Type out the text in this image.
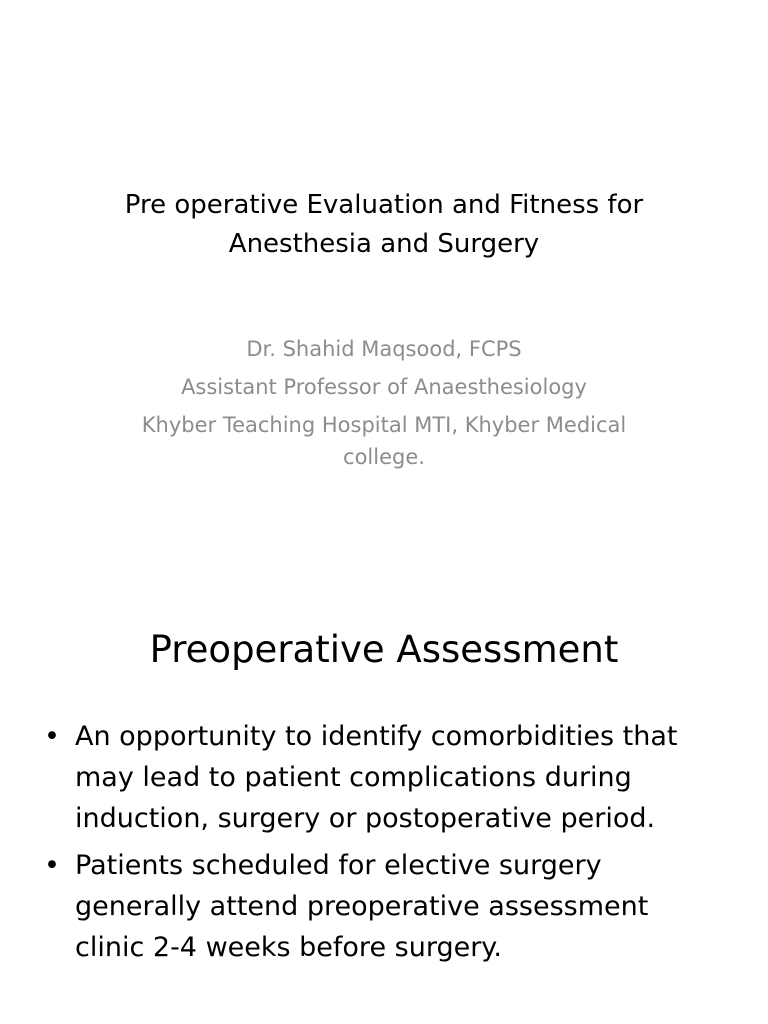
Pre operative Evaluation and Fitness for
Anesthesia and Surgery
Dr. Shahid Maqsood, FCPS
Assistant Professor of Anaesthesiology
Khyber Teaching Hospital MTI, Khyber Medical
college.
Preoperative Assessment
• An opportunity to identify comorbidities that
may lead to patient complications during
induction, surgery or postoperative period.
• Patients scheduled for elective surgery
generally attend preoperative assessment
clinic 2-4 weeks before surgery.
